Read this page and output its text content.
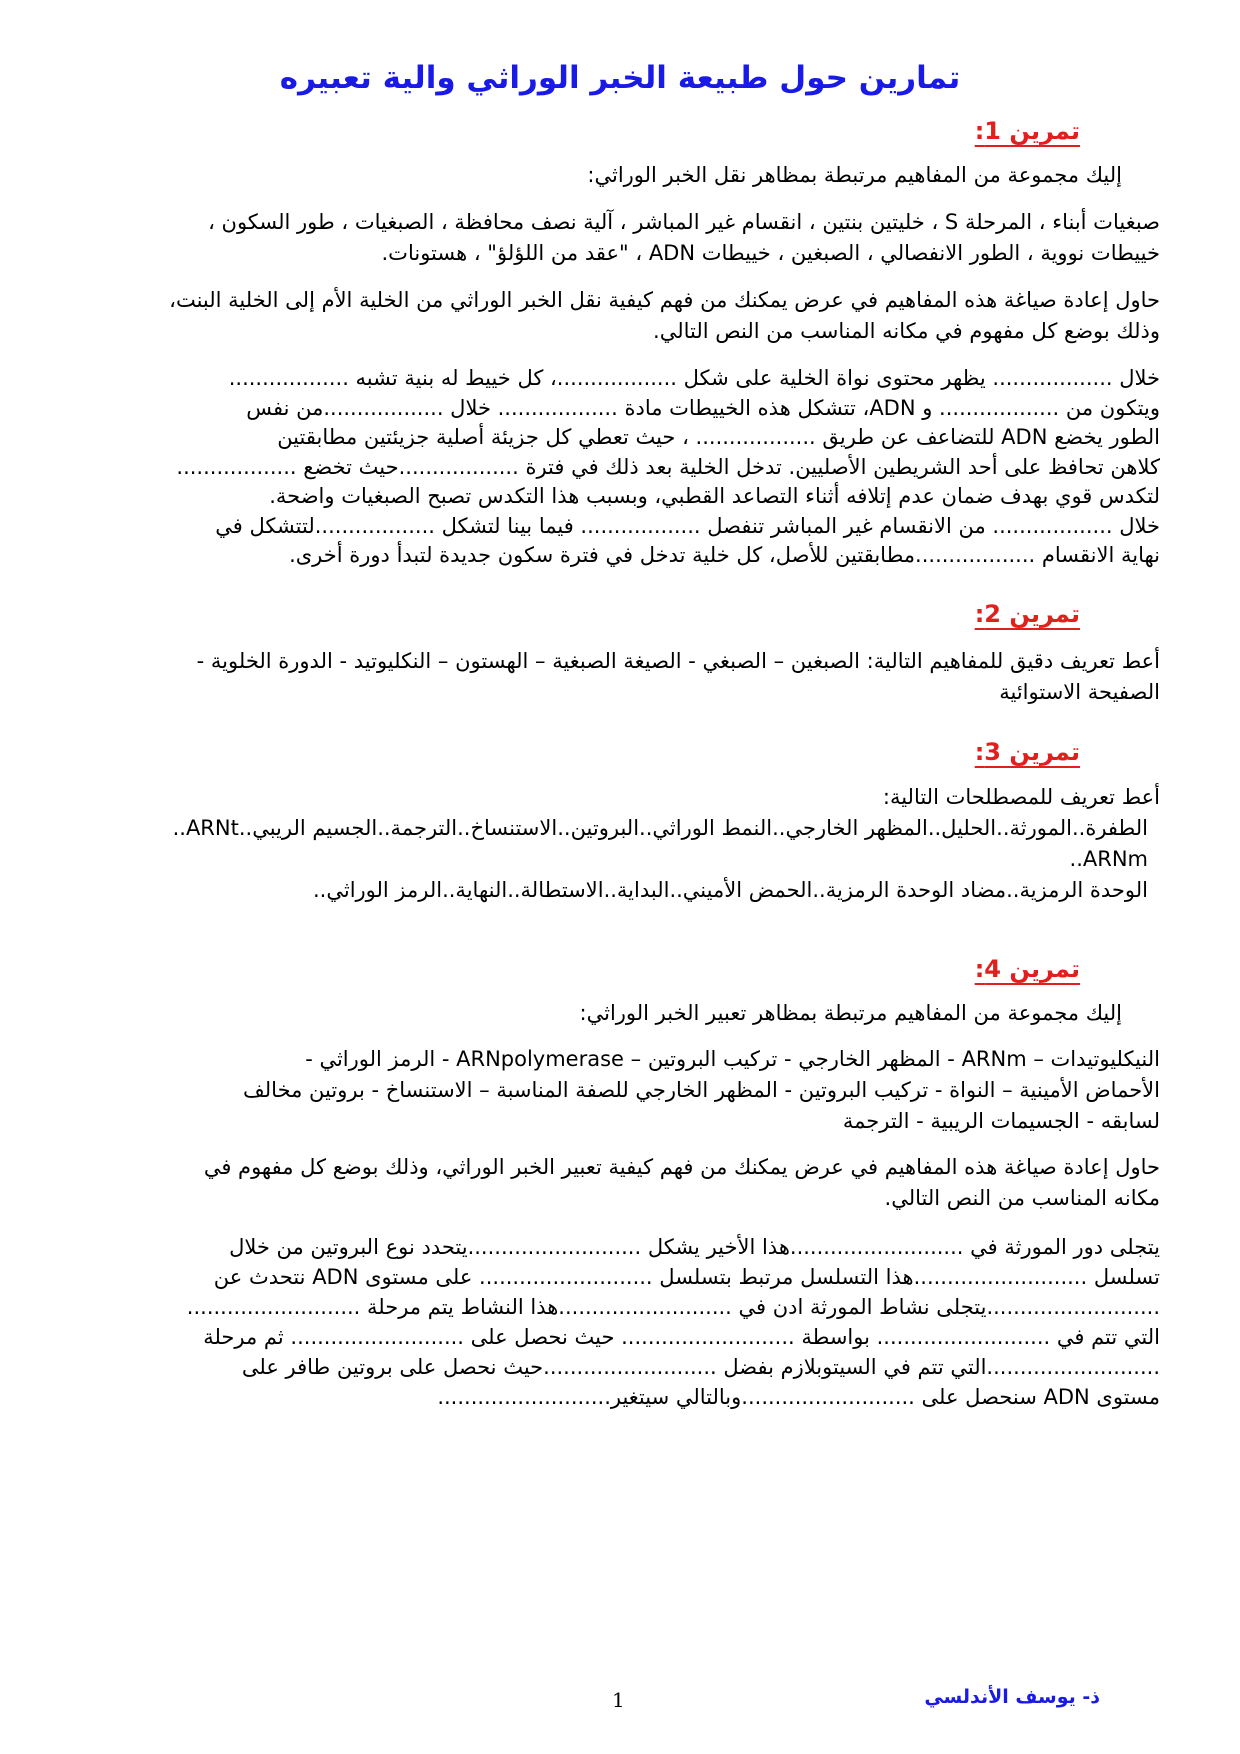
تمارين حول طبيعة الخبر الوراثي والية تعبيره
تمرين 1:
إليك مجموعة من المفاهيم مرتبطة بمظاهر نقل الخبر الوراثي:
صبغيات أبناء ، المرحلة S ، خليتين بنتين ، انقسام غير المباشر ، آلية نصف محافظة ، الصبغيات ، طور السكون ،
خييطات نووية ، الطور الانفصالي ، الصبغين ، خييطات ADN ، "عقد من اللؤلؤ" ، هستونات.
حاول إعادة صياغة هذه المفاهيم في عرض يمكنك من فهم كيفية نقل الخبر الوراثي من الخلية الأم إلى الخلية البنت،
وذلك بوضع كل مفهوم في مكانه المناسب من النص التالي.
خلال .................. يظهر محتوى نواة الخلية على شكل ..................، كل خييط له بنية تشبه ..................
ويتكون من .................. و ADN، تتشكل هذه الخييطات مادة .................. خلال ..................من نفس
الطور يخضع ADN للتضاعف عن طريق .................. ، حيث تعطي كل جزيئة أصلية جزيئتين مطابقتين
كلاهن تحافظ على أحد الشريطين الأصليين. تدخل الخلية بعد ذلك في فترة ..................حيث تخضع ..................
لتكدس قوي بهدف ضمان عدم إتلافه أثناء التصاعد القطبي، وبسبب هذا التكدس تصبح الصبغيات واضحة.
خلال .................. من الانقسام غير المباشر تنفصل .................. فيما بينا لتشكل ..................لتتشكل في
نهاية الانقسام ..................مطابقتين للأصل، كل خلية تدخل في فترة سكون جديدة لتبدأ دورة أخرى.
تمرين 2:
أعط تعريف دقيق للمفاهيم التالية: الصبغين – الصبغي - الصيغة الصبغية – الهستون – النكليوتيد - الدورة الخلوية -
الصفيحة الاستوائية
تمرين 3:
أعط تعريف للمصطلحات التالية:
الطفرة..المورثة..الحليل..المظهر الخارجي..النمط الوراثي..البروتين..الاستنساخ..الترجمة..الجسيم الريبي..ARNt..
ARNm..
الوحدة الرمزية..مضاد الوحدة الرمزية..الحمض الأميني..البداية..الاستطالة..النهاية..الرمز الوراثي..
تمرين 4:
إليك مجموعة من المفاهيم مرتبطة بمظاهر تعبير الخبر الوراثي:
النيكليوتيدات – ARNm - المظهر الخارجي - تركيب البروتين – ARNpolymerase - الرمز الوراثي -
الأحماض الأمينية – النواة - تركيب البروتين - المظهر الخارجي للصفة المناسبة – الاستنساخ - بروتين مخالف
لسابقه - الجسيمات الريبية - الترجمة
حاول إعادة صياغة هذه المفاهيم في عرض يمكنك من فهم كيفية تعبير الخبر الوراثي، وذلك بوضع كل مفهوم في
مكانه المناسب من النص التالي.
يتجلى دور المورثة في ..........................هذا الأخير يشكل ..........................يتحدد نوع البروتين من خلال
تسلسل ..........................هذا التسلسل مرتبط بتسلسل .......................... على مستوى ADN نتحدث عن
..........................يتجلى نشاط المورثة ادن في ..........................هذا النشاط يتم مرحلة ..........................
التي تتم في .......................... بواسطة .......................... حيث نحصل على .......................... ثم مرحلة
..........................التي تتم في السيتوبلازم بفضل ..........................حيث نحصل على بروتين طافر على
مستوى ADN سنحصل على ..........................وبالتالي سيتغير..........................
1	ذ- يوسف الأندلسي
